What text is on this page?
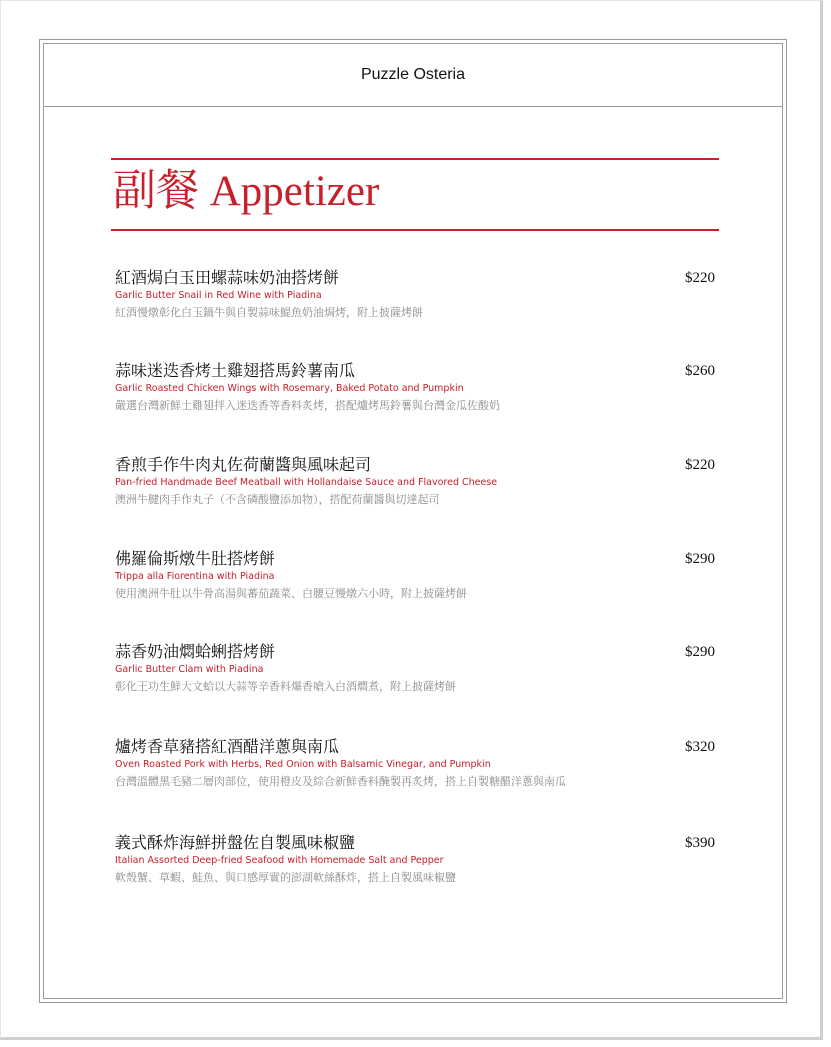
Puzzle Osteria
副餐 Appetizer
紅酒焗白玉田螺蒜味奶油搭烤餅
Garlic Butter Snail in Red Wine with Piadina
紅酒慢燉彰化白玉鍋牛與自製蒜味鯷魚奶油焗烤，附上披薩烤餅
$220
蒜味迷迭香烤土雞翅搭馬鈴薯南瓜
Garlic Roasted Chicken Wings with Rosemary, Baked Potato and Pumpkin
嚴選台灣新鮮土雞翅拌入迷迭香等香料炙烤，搭配爐烤馬鈴薯與台灣金瓜佐酸奶
$260
香煎手作牛肉丸佐荷蘭醬與風味起司
Pan-fried Handmade Beef Meatball with Hollandaise Sauce and Flavored Cheese
澳洲牛腱肉手作丸子（不含磷酸鹽添加物），搭配荷蘭醬與切達起司
$220
佛羅倫斯燉牛肚搭烤餅
Trippa alla Fiorentina with Piadina
使用澳洲牛肚以牛骨高湯與蕃茄蔬菜、白腰豆慢燉六小時，附上披薩烤餅
$290
蒜香奶油燜蛤蜊搭烤餅
Garlic Butter Clam with Piadina
彰化王功生鮮大文蛤以大蒜等辛香料爆香嗆入白酒燜煮，附上披薩烤餅
$290
爐烤香草豬搭紅酒醋洋蔥與南瓜
Oven Roasted Pork with Herbs, Red Onion with Balsamic Vinegar, and Pumpkin
台灣溫體黑毛豬二層肉部位，使用橙皮及綜合新鮮香料醃製再炙烤，搭上自製糖醋洋蔥與南瓜
$320
義式酥炸海鮮拼盤佐自製風味椒鹽
Italian Assorted Deep-fried Seafood with Homemade Salt and Pepper
軟殼蟹、草蝦、鮭魚、與口感厚實的澎湖軟絲酥炸，搭上自製風味椒鹽
$390
